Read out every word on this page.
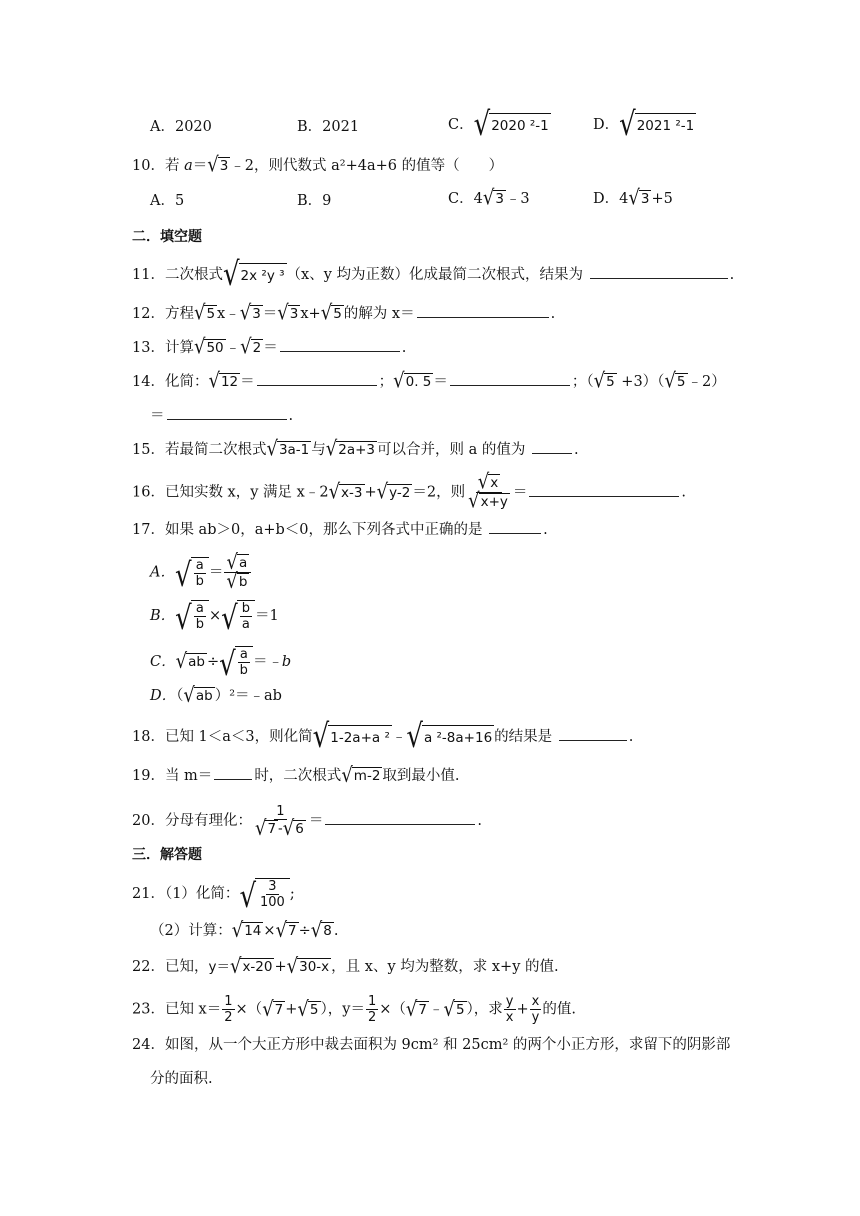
A．2020	B．2021	C． √ 2020 ²-1	D． √ 2021 ²-1
10．若 a＝ √ 3 ﹣2，则代数式 a²+4a+6 的值等（　　）
A．5	B．9	C．4 √ 3 ﹣3	D．4 √ 3 +5
二．填空题
11．二次根式 √ 2x ²y ³ （x、y 均为正数）化成最简二次根式，结果为	.
12．方程 √ 5 x﹣ √ 3 ＝ √ 3 x+ √ 5 的解为 x＝	.
13．计算 √ 50 ﹣ √ 2 ＝	.
14．化简： √ 12 ＝	； √ 0. 5 ＝	；（ √ 5 +3）（ √ 5 ﹣2）
＝	.
15．若最简二次根式 √ 3a-1 与 √ 2a+3 可以合并，则 a 的值为	.
16．已知实数 x，y 满足 x﹣2 √ x-3 + √ y-2 ＝2，则 $\frac{√ x}{√ x+y}$ ＝	.
17．如果 ab＞0，a+b＜0，那么下列各式中正确的是	.
A． √ $\frac{a}{b} = \frac{√ a}{√ b}$
B． √ $\frac{a}{b}$ × √ $\frac{b}{a} =1$
C． √ ab ÷ √ $\frac{a}{b}$ ＝﹣b
D．（ √ ab ）²＝﹣ab
18．已知 1＜a＜3，则化简 √ 1-2a+a ² ﹣ √ a ²-8a+16 的结果是	.
19．当 m＝	时，二次根式 √ m-2 取到最小值.
20．分母有理化： $\frac{1}{√ 7 - √ 6}$ ＝	.
三．解答题
21．（1）化简： √ $\frac{3}{100}$ ;
（2）计算： √ 14 × √ 7 ÷ √ 8 .
22．已知，y＝ √ x-20 + √ 30-x ，且 x、y 均为整数，求 x+y 的值.
23．已知 $x= \frac{1}{2}$ ×（ √ 7 + √ 5 ），$y= \frac{1}{2}$ ×（ √ 7 ﹣ √ 5 ），求 $\frac{y}{x} + \frac{x}{y}$ 的值.
24．如图，从一个大正方形中裁去面积为 9cm² 和 25cm² 的两个小正方形，求留下的阴影部
分的面积.
